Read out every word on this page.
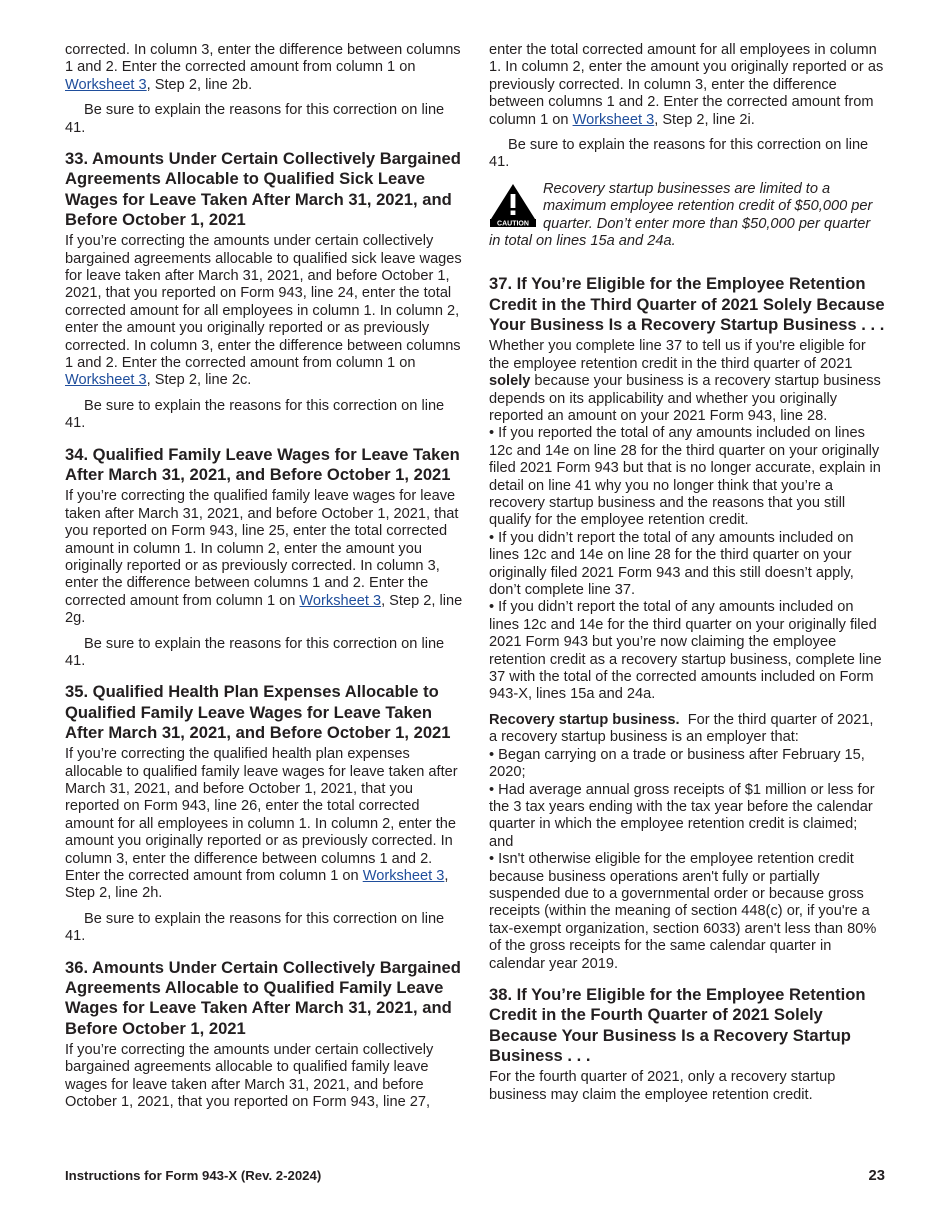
corrected. In column 3, enter the difference between columns 1 and 2. Enter the corrected amount from column 1 on Worksheet 3, Step 2, line 2b.

Be sure to explain the reasons for this correction on line 41.

33. Amounts Under Certain Collectively Bargained Agreements Allocable to Qualified Sick Leave Wages for Leave Taken After March 31, 2021, and Before October 1, 2021

If you’re correcting the amounts under certain collectively bargained agreements allocable to qualified sick leave wages for leave taken after March 31, 2021, and before October 1, 2021, that you reported on Form 943, line 24, enter the total corrected amount for all employees in column 1. In column 2, enter the amount you originally reported or as previously corrected. In column 3, enter the difference between columns 1 and 2. Enter the corrected amount from column 1 on Worksheet 3, Step 2, line 2c.

Be sure to explain the reasons for this correction on line 41.

34. Qualified Family Leave Wages for Leave Taken After March 31, 2021, and Before October 1, 2021

If you’re correcting the qualified family leave wages for leave taken after March 31, 2021, and before October 1, 2021, that you reported on Form 943, line 25, enter the total corrected amount in column 1. In column 2, enter the amount you originally reported or as previously corrected. In column 3, enter the difference between columns 1 and 2. Enter the corrected amount from column 1 on Worksheet 3, Step 2, line 2g.

Be sure to explain the reasons for this correction on line 41.

35. Qualified Health Plan Expenses Allocable to Qualified Family Leave Wages for Leave Taken After March 31, 2021, and Before October 1, 2021

If you’re correcting the qualified health plan expenses allocable to qualified family leave wages for leave taken after March 31, 2021, and before October 1, 2021, that you reported on Form 943, line 26, enter the total corrected amount for all employees in column 1. In column 2, enter the amount you originally reported or as previously corrected. In column 3, enter the difference between columns 1 and 2. Enter the corrected amount from column 1 on Worksheet 3, Step 2, line 2h.

Be sure to explain the reasons for this correction on line 41.

36. Amounts Under Certain Collectively Bargained Agreements Allocable to Qualified Family Leave Wages for Leave Taken After March 31, 2021, and Before October 1, 2021

If you’re correcting the amounts under certain collectively bargained agreements allocable to qualified family leave wages for leave taken after March 31, 2021, and before October 1, 2021, that you reported on Form 943, line 27,

enter the total corrected amount for all employees in column 1. In column 2, enter the amount you originally reported or as previously corrected. In column 3, enter the difference between columns 1 and 2. Enter the corrected amount from column 1 on Worksheet 3, Step 2, line 2i.

Be sure to explain the reasons for this correction on line 41.

CAUTION

Recovery startup businesses are limited to a maximum employee retention credit of $50,000 per quarter. Don’t enter more than $50,000 per quarter in total on lines 15a and 24a.

37. If You’re Eligible for the Employee Retention Credit in the Third Quarter of 2021 Solely Because Your Business Is a Recovery Startup Business . . .

Whether you complete line 37 to tell us if you're eligible for the employee retention credit in the third quarter of 2021 solely because your business is a recovery startup business depends on its applicability and whether you originally reported an amount on your 2021 Form 943, line 28.

• If you reported the total of any amounts included on lines 12c and 14e on line 28 for the third quarter on your originally filed 2021 Form 943 but that is no longer accurate, explain in detail on line 41 why you no longer think that you’re a recovery startup business and the reasons that you still qualify for the employee retention credit.

• If you didn’t report the total of any amounts included on lines 12c and 14e on line 28 for the third quarter on your originally filed 2021 Form 943 and this still doesn’t apply, don’t complete line 37.

• If you didn’t report the total of any amounts included on lines 12c and 14e for the third quarter on your originally filed 2021 Form 943 but you’re now claiming the employee retention credit as a recovery startup business, complete line 37 with the total of the corrected amounts included on Form 943-X, lines 15a and 24a.

Recovery startup business. For the third quarter of 2021, a recovery startup business is an employer that:

• Began carrying on a trade or business after February 15, 2020;

• Had average annual gross receipts of $1 million or less for the 3 tax years ending with the tax year before the calendar quarter in which the employee retention credit is claimed; and

• Isn't otherwise eligible for the employee retention credit because business operations aren't fully or partially suspended due to a governmental order or because gross receipts (within the meaning of section 448(c) or, if you're a tax-exempt organization, section 6033) aren't less than 80% of the gross receipts for the same calendar quarter in calendar year 2019.

38. If You’re Eligible for the Employee Retention Credit in the Fourth Quarter of 2021 Solely Because Your Business Is a Recovery Startup Business . . .

For the fourth quarter of 2021, only a recovery startup business may claim the employee retention credit.

Instructions for Form 943-X (Rev. 2-2024)	23
